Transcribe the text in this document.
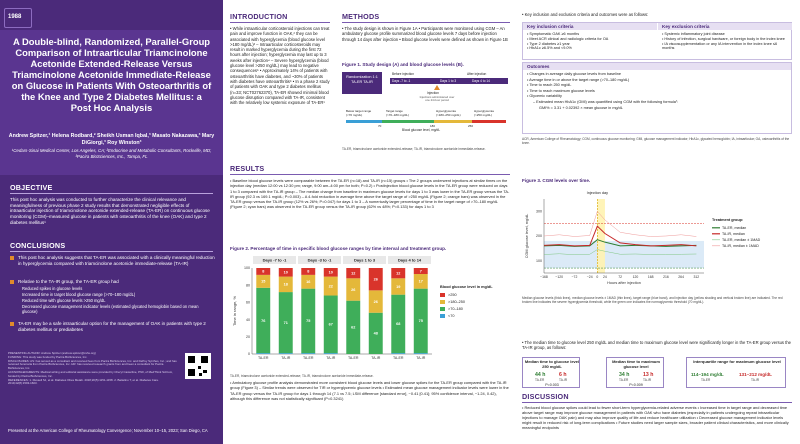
1988
A Double-blind, Randomized, Parallel-Group Comparison of Intraarticular Triamcinolone Acetonide Extended-Release Versus Triamcinolone Acetonide Immediate-Release on Glucose in Patients With Osteoarthritis of the Knee and Type 2 Diabetes Mellitus: a Post Hoc Analysis
Andrew Spitzer,¹ Helena Rodbard,² Sheikh Usman Iqbal,³ Masato Nakazawa,³ Mary DiGiorgi,³ Roy Winston³
¹Cedars-Sinai Medical Center, Los Angeles, CA; ²Endocrine and Metabolic Consultants, Rockville, MD; ³Pacira BioSciences, Inc., Tampa, FL
OBJECTIVE
This post hoc analysis was conducted to further characterize the clinical relevance and meaningfulness of previous phase 2 study results that demonstrated negligible effects of intraarticular injection of triamcinolone acetonide extended-release (TA-ER) on continuous glucose monitoring (CGM)–measured glucose in patients with osteoarthritis of the knee (OAK) and type 2 diabetes mellitus¹
CONCLUSIONS
This post hoc analysis suggests that TA-ER was associated with a clinically meaningful reduction in hyperglycemia compared with triamcinolone acetonide immediate-release (TA-IR)
Relative to the TA-IR group, the TA-ER group had
Reduced spikes in glucose levels
Increased time in target blood glucose range (>70–180 mg/dL)
Reduced time with glucose levels >250 mg/dL
Decreased glucose management indicator levels (estimated glycated hemoglobin based on mean glucose)
TA-ER may be a safe intraarticular option for the management of OAK in patients with type 2 diabetes mellitus or prediabetes
PRESENTING AUTHOR: Andrew Spitzer (andrew.spitzer@cshs.org)
FUNDING: This study was funded by Pacira BioSciences, Inc.
DISCLOSURES: AS: has served as a consultant and received fees from Pacira BioSciences, Inc. and DePuy Synthes, Inc.; and has received honoraria from Pacira BioSciences, Inc. HR: has received research grants from and been a consultant for Pacira BioSciences, Inc.
ACKNOWLEDGMENTS: Medical writing and editorial assistance were provided by Cheryl Casterline, PhD, of MedThink SciCom, funded by Pacira BioSciences, Inc.
REFERENCES: 1. Russell SJ, et al. Diabetes Obes Metab. 2018;20(5):1151-1158. 2. Battelino T, et al. Diabetes Care. 2019;42(8):1593-1603.
Presented at the American College of Rheumatology Convergence; November 10–15, 2023; San Diego, CA
INTRODUCTION
• While intraarticular corticosteroid injections can treat pain and improve function in OAK,² they can be associated with hyperglycemia (blood glucose level >180 mg/dL)³ – Intraarticular corticosteroids may result in marked hyperglycemia during the first 72 hours after injection; hyperglycemia may last up to 3 weeks after injection⁴ – Severe hyperglycemia (blood glucose level >250 mg/dL) may lead to negative consequences⁵ • Approximately 14% of patients with osteoarthritis have diabetes, and ~30% of patients with diabetes have osteoarthritis⁶ • In a phase 2 study of patients with OAK and type 2 diabetes mellitus (n=33; NCT02762370), TA-ER showed minimal blood glucose disruption compared with TA-IR, consistent with the relatively low systemic exposure of TA-ER¹
METHODS
• The study design is shown in Figure 1A • Participants were monitored using CGM – An ambulatory glucose profile summarized blood glucose levels 7 days before injection through 14 days after injection • Blood glucose levels were defined as shown in Figure 1B
Figure 1. Study design (A) and blood glucose levels (B).
Randomization 1:1
TA-ER TA-IR
Before injection	After injection
Days -7 to -1	Days 1 to 3	Days 4 to 14
Injection
Injections administered over one 24-hour period
Below target range
(<70 mg/dL)
Target range
(>70–180 mg/dL)
Hyperglycemia
(>180–250 mg/dL)
Hyperglycemia
(>250 mg/dL)
70	180	250
Blood glucose level, mg/dL
TA-ER, triamcinolone acetonide extended-release; TA-IR, triamcinolone acetonide immediate-release.
• Key inclusion and exclusion criteria and outcomes were as follows:
Key inclusion criteria	Key exclusion criteria
• Symptomatic OAK ≥6 months
• Meet ACR clinical and radiologic criteria for OA
• Type 2 diabetes ≥1 year
• HbA1c ≥6.5% and <9.0%
• Systemic inflammatory joint disease
• History of infection, surgical hardware, or foreign body in the index knee
• IA viscosupplementation or any IA intervention in the index knee ≤6 months
Outcomes
• Changes in average daily glucose levels from baseline
• Average time in or above the target range (>70–180 mg/dL)
• Time to reach 250 mg/dL
• Time to reach maximum glucose levels
• Glycemic variability
– Estimated mean HbA1c (GMI) was quantified using CGM with the following formula⁷:
GMI% = 3.31 + 0.02392 × mean glucose in mg/dL
ACR, American College of Rheumatology; CGM, continuous glucose monitoring; GMI, glucose management indicator; HbA1c, glycated hemoglobin; IA, intraarticular; OA, osteoarthritis of the knee.
RESULTS
• Baseline blood glucose levels were comparable between the TA-ER (n=18) and TA-IR (n=15) groups • The 2 groups underwent injections at similar times on the injection day (median 12:00 vs 12:30 pm; range, 9:00 am–4:00 pm for both; P=0.2) • Postinjection blood glucose levels in the TA-ER group were reduced on days 1 to 3 compared with the TA-IR group – The median change from baseline in maximum glucose levels for days 1 to 3 was lower in the TA-ER group versus the TA-IR group (92.3 vs 169.1 mg/dL; P=0.003) – A 4-fold reduction in average time above the target range of >250 mg/dL (Figure 2; orange bars) was observed in the TA-ER group versus the TA-IR group (12% vs 26%; P=0.047) for days 1 to 3 – A numerically larger percentage of time in the target range of >70–180 mg/dL (Figure 2; cyan bars) was observed in the TA-ER group versus the TA-IR group (62% vs 48%; P=0.133) for days 1 to 3
Figure 2. Percentage of time in specific blood glucose ranges by time interval and treatment group.
0
20
40
60
80
100
Time in range, %
Days -7 to -1	Days -3 to -1	Days 1 to 3	Days 4 to 14
76
15
8
TA-ER
71
18
10
TA-IR
75
16
8
TA-ER
67
22
10
TA-IR
62
26
12
TA-ER
48
26
26
TA-IR
68
19
12
TA-ER
75
17
7
TA-IR
Blood glucose level in mg/dL
>250
>180–250
>70–180
<70
TA-ER, triamcinolone acetonide extended-release; TA-IR, triamcinolone acetonide immediate-release.
• Ambulatory glucose profile analysis demonstrated more consistent blood glucose levels and lower glucose spikes for the TA-ER group compared with the TA-IR group (Figure 3) – Similar trends were observed for TIR or hyperglycemic glucose levels • Estimated mean glucose management indicator levels were lower in the TA-ER group versus the TA-IR group for days 1 through 14 (7.1 vs 7.5; LSM difference [standard error], −0.41 [0.41]; 95% confidence interval, −1.24, 0.42), although this difference was not statistically significant (P=0.3241)
Figure 3. CGM levels over time.
Injection day
100
200
300
−168 −120	−72	−24 0 24	72	120	168	216	264	312
Hours after injection
CGM glucose level, mg/dL	Treatment group:
TA-ER, median
TA-IR, median
TA-ER, median ± 1MAD
TA-IR, median ± 1MAD
Median glucose levels (thick lines), median glucose levels ± 1MAD (thin lines), target range (blue band), and injection day (yellow shading and vertical broken line) are indicated. The red broken line indicates the severe hyperglycemia threshold, while the green one indicates the normoglycemic threshold (70 mg/dL).
• The median time to glucose level 250 mg/dL and median time to maximum glucose level were significantly longer in the TA-ER group versus the TA-IR group, as follows:
Median time to glucose level 250 mg/dL
44 h	6 h
TA-ER	TA-IR
P=0.003
Median time to maximum glucose level
34 h	13 h
TA-ER	TA-IR
P=0.009
Interquartile range for maximum glucose level
114–194 mg/dL	131–212 mg/dL
TA-ER	TA-IR
DISCUSSION
• Reduced blood glucose spikes could lead to fewer short-term hyperglycemia-related adverse events • Increased time in target range and decreased time above target range may improve glucose management in patients with OAK who have diabetes (especially in patients undergoing repeat intraarticular injections to manage OAK pain) and may also improve quality of life and reduce healthcare utilization • Decreased glucose management indicator levels might result in reduced risk of long-term complications • Future studies need larger sample sizes, broader patient clinical characteristics, and more clinically meaningful endpoints
